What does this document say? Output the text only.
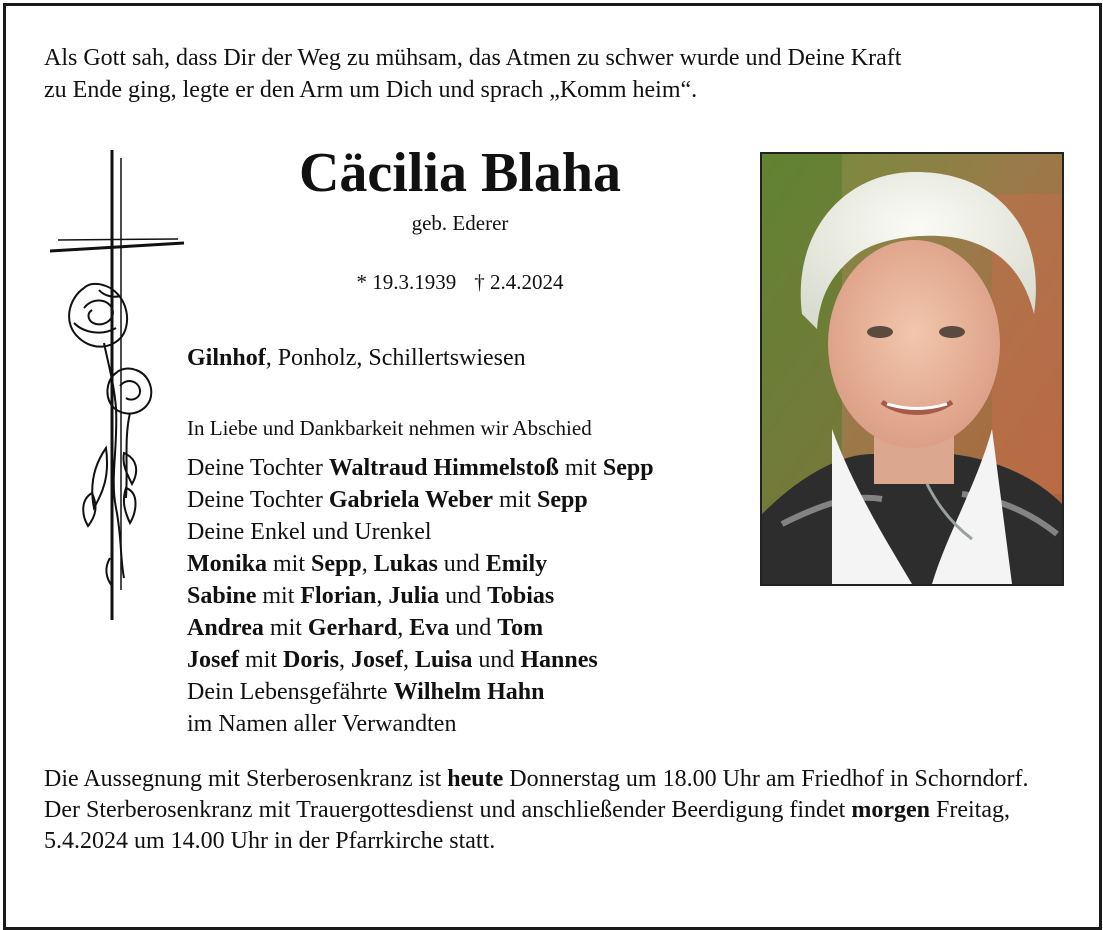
Als Gott sah, dass Dir der Weg zu mühsam, das Atmen zu schwer wurde und Deine Kraft
zu Ende ging, legte er den Arm um Dich und sprach „Komm heim“.
Cäcilia Blaha
geb. Ederer
* 19.3.1939 † 2.4.2024
Gilnhof, Ponholz, Schillertswiesen
In Liebe und Dankbarkeit nehmen wir Abschied
Deine Tochter Waltraud Himmelstoß mit Sepp
Deine Tochter Gabriela Weber mit Sepp
Deine Enkel und Urenkel
Monika mit Sepp, Lukas und Emily
Sabine mit Florian, Julia und Tobias
Andrea mit Gerhard, Eva und Tom
Josef mit Doris, Josef, Luisa und Hannes
Dein Lebensgefährte Wilhelm Hahn
im Namen aller Verwandten

Die Aussegnung mit Sterberosenkranz ist heute Donnerstag um 18.00 Uhr am Friedhof in Schorndorf.

Der Sterberosenkranz mit Trauergottesdienst und anschließender Beerdigung findet morgen Freitag, 5.4.2024 um 14.00 Uhr in der Pfarrkirche statt.
